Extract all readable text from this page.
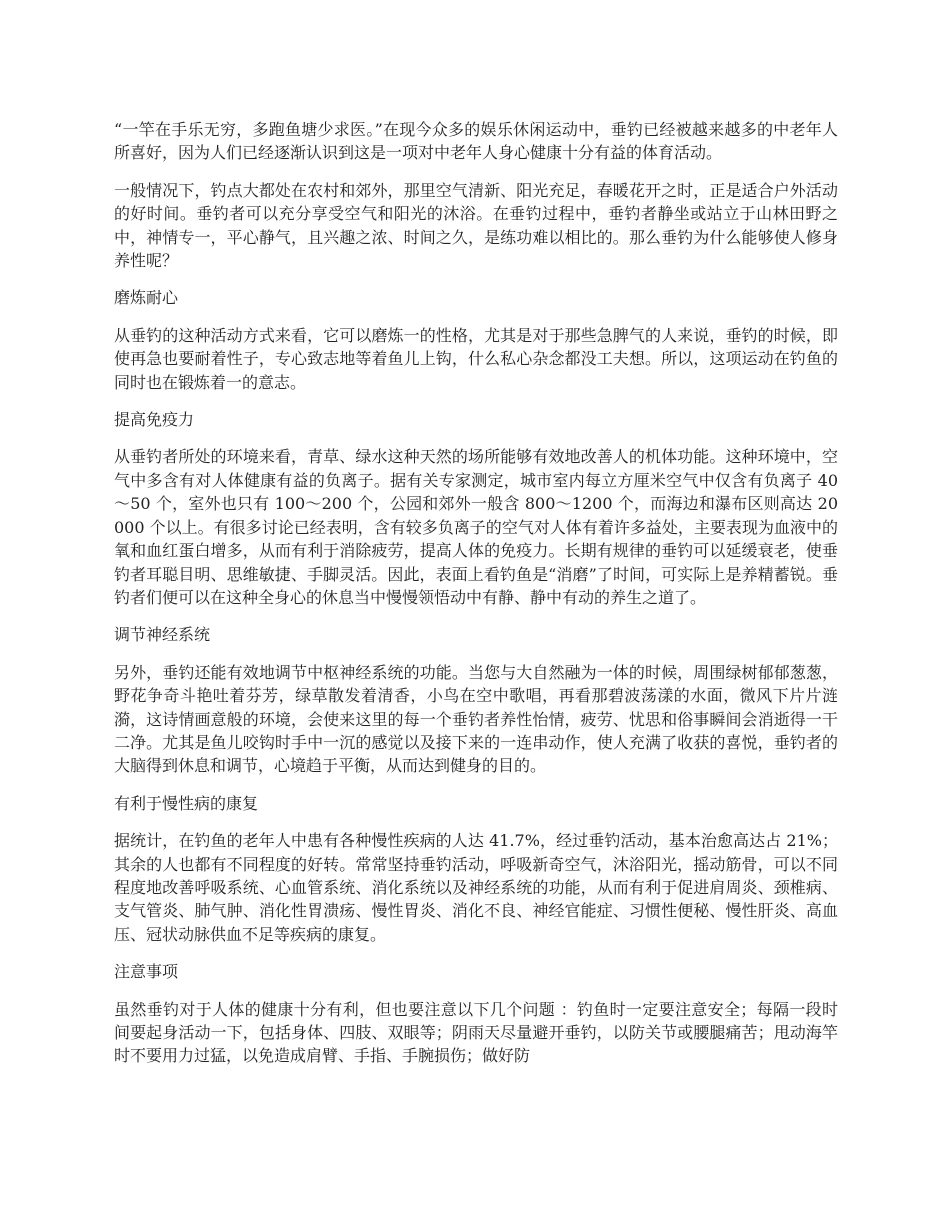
“一竿在手乐无穷，多跑鱼塘少求医。”在现今众多的娱乐休闲运动中，垂钓已经被越来越多的中老年人所喜好，因为人们已经逐渐认识到这是一项对中老年人身心健康十分有益的体育活动。

一般情况下，钓点大都处在农村和郊外，那里空气清新、阳光充足，春暖花开之时，正是适合户外活动的好时间。垂钓者可以充分享受空气和阳光的沐浴。在垂钓过程中，垂钓者静坐或站立于山林田野之中，神情专一，平心静气，且兴趣之浓、时间之久，是练功难以相比的。那么垂钓为什么能够使人修身养性呢？

磨炼耐心

从垂钓的这种活动方式来看，它可以磨炼一的性格，尤其是对于那些急脾气的人来说，垂钓的时候，即使再急也要耐着性子，专心致志地等着鱼儿上钩，什么私心杂念都没工夫想。所以，这项运动在钓鱼的同时也在锻炼着一的意志。

提高免疫力

从垂钓者所处的环境来看，青草、绿水这种天然的场所能够有效地改善人的机体功能。这种环境中，空气中多含有对人体健康有益的负离子。据有关专家测定，城市室内每立方厘米空气中仅含有负离子 40～50 个，室外也只有 100～200 个，公园和郊外一般含 800～1200 个，而海边和瀑布区则高达 20000 个以上。有很多讨论已经表明，含有较多负离子的空气对人体有着许多益处，主要表现为血液中的氧和血红蛋白增多，从而有利于消除疲劳，提高人体的免疫力。长期有规律的垂钓可以延缓衰老，使垂钓者耳聪目明、思维敏捷、手脚灵活。因此，表面上看钓鱼是“消磨”了时间，可实际上是养精蓄锐。垂钓者们便可以在这种全身心的休息当中慢慢领悟动中有静、静中有动的养生之道了。

调节神经系统

另外，垂钓还能有效地调节中枢神经系统的功能。当您与大自然融为一体的时候，周围绿树郁郁葱葱，野花争奇斗艳吐着芬芳，绿草散发着清香，小鸟在空中歌唱，再看那碧波荡漾的水面，微风下片片涟漪，这诗情画意般的环境，会使来这里的每一个垂钓者养性怡情，疲劳、忧思和俗事瞬间会消逝得一干二净。尤其是鱼儿咬钩时手中一沉的感觉以及接下来的一连串动作，使人充满了收获的喜悦，垂钓者的大脑得到休息和调节，心境趋于平衡，从而达到健身的目的。

有利于慢性病的康复

据统计，在钓鱼的老年人中患有各种慢性疾病的人达 41.7%，经过垂钓活动，基本治愈高达占 21%；其余的人也都有不同程度的好转。常常坚持垂钓活动，呼吸新奇空气，沐浴阳光，摇动筋骨，可以不同程度地改善呼吸系统、心血管系统、消化系统以及神经系统的功能，从而有利于促进肩周炎、颈椎病、支气管炎、肺气肿、消化性胃溃疡、慢性胃炎、消化不良、神经官能症、习惯性便秘、慢性肝炎、高血压、冠状动脉供血不足等疾病的康复。

注意事项

虽然垂钓对于人体的健康十分有利，但也要注意以下几个问题 ：钓鱼时一定要注意安全；每隔一段时间要起身活动一下，包括身体、四肢、双眼等；阴雨天尽量避开垂钓，以防关节或腰腿痛苦；甩动海竿时不要用力过猛，以免造成肩臂、手指、手腕损伤；做好防
